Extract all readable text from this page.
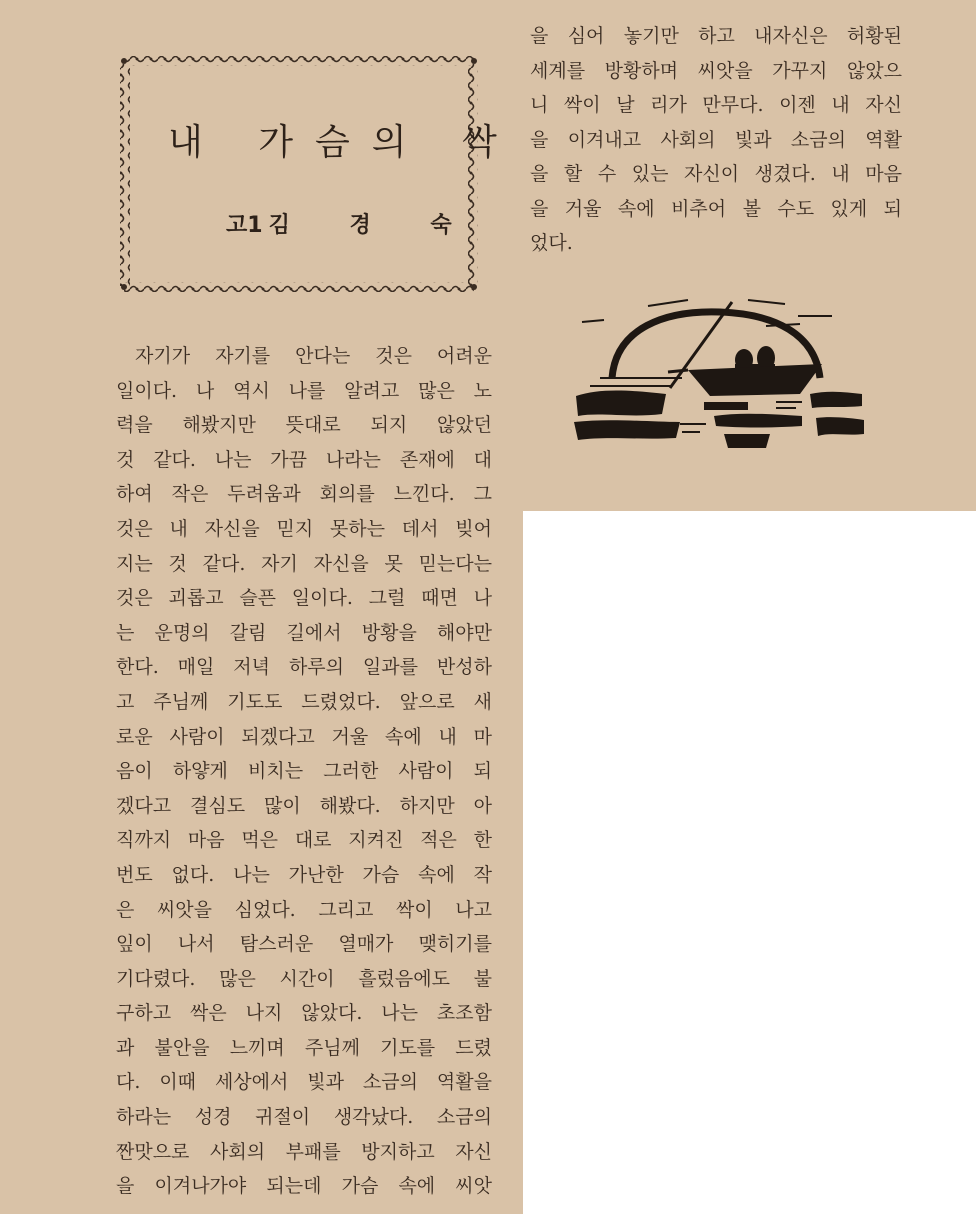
내 가슴의 싹

고1 김 경 숙

자기가 자기를 안다는 것은 어려운
일이다. 나 역시 나를 알려고 많은 노
력을 해봤지만 뜻대로 되지 않았던
것 같다. 나는 가끔 나라는 존재에 대
하여 작은 두려움과 회의를 느낀다. 그
것은 내 자신을 믿지 못하는 데서 빚어
지는 것 같다. 자기 자신을 못 믿는다는
것은 괴롭고 슬픈 일이다. 그럴 때면 나
는 운명의 갈림 길에서 방황을 해야만
한다. 매일 저녁 하루의 일과를 반성하
고 주님께 기도도 드렸었다. 앞으로 새
로운 사람이 되겠다고 거울 속에 내 마
음이 하얗게 비치는 그러한 사람이 되
겠다고 결심도 많이 해봤다. 하지만 아
직까지 마음 먹은 대로 지켜진 적은 한
번도 없다. 나는 가난한 가슴 속에 작
은 씨앗을 심었다. 그리고 싹이 나고
잎이 나서 탐스러운 열매가 맺히기를
기다렸다. 많은 시간이 흘렀음에도 불
구하고 싹은 나지 않았다. 나는 초조함
과 불안을 느끼며 주님께 기도를 드렸
다. 이때 세상에서 빛과 소금의 역활을
하라는 성경 귀절이 생각났다. 소금의
짠맛으로 사회의 부패를 방지하고 자신
을 이겨나가야 되는데 가슴 속에 씨앗
을 심어 놓기만 하고 내자신은 허황된
세계를 방황하며 씨앗을 가꾸지 않았으
니 싹이 날 리가 만무다. 이젠 내 자신
을 이겨내고 사회의 빛과 소금의 역활
을 할 수 있는 자신이 생겼다. 내 마음
을 거울 속에 비추어 볼 수도 있게 되
었다.
